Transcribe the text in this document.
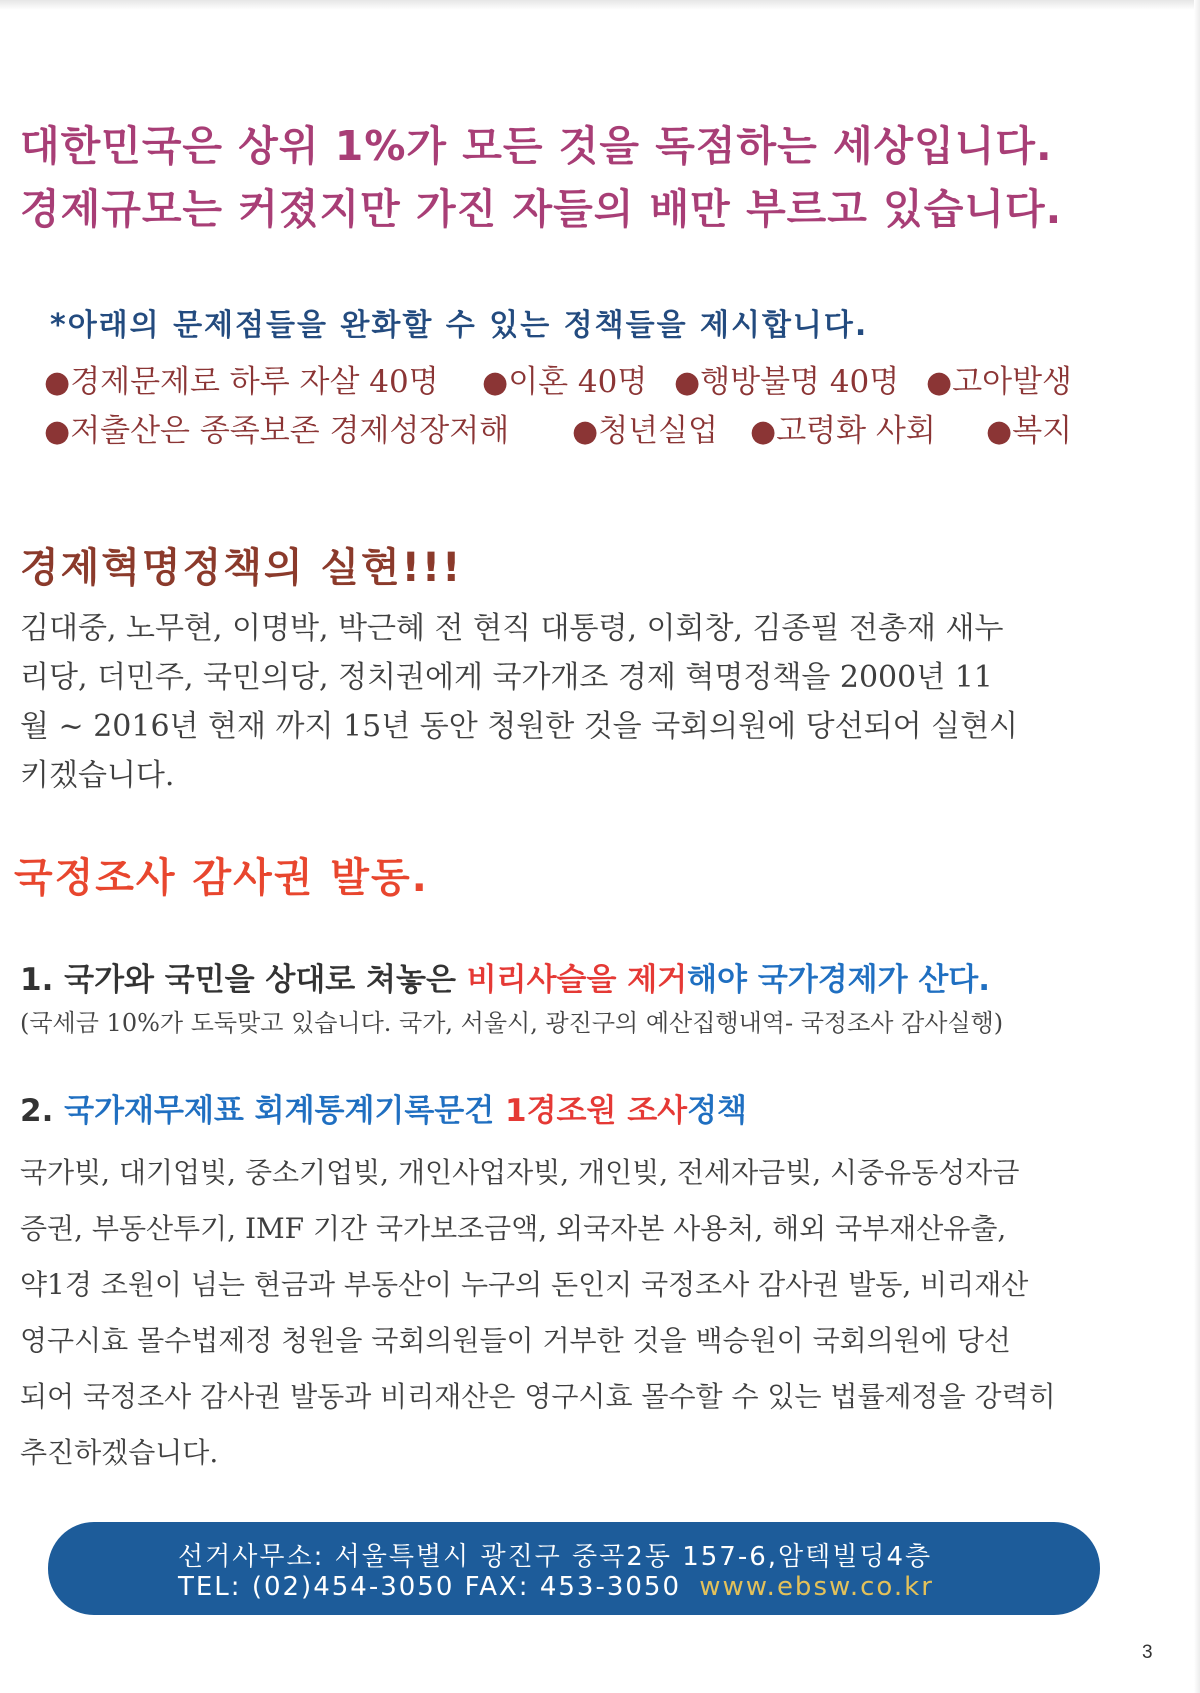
대한민국은 상위 1%가 모든 것을 독점하는 세상입니다.
경제규모는 커졌지만 가진 자들의 배만 부르고 있습니다.
*아래의 문제점들을 완화할 수 있는 정책들을 제시합니다.
●경제문제로 하루 자살 40명 ●이혼 40명 ●행방불명 40명 ●고아발생
●저출산은 종족보존 경제성장저해 ●청년실업 ●고령화 사회 ●복지
경제혁명정책의 실현!!!
김대중, 노무현, 이명박, 박근혜 전 현직 대통령, 이회창, 김종필 전총재 새누
리당, 더민주, 국민의당, 정치권에게 국가개조 경제 혁명정책을 2000년 11
월 ~ 2016년 현재 까지 15년 동안 청원한 것을 국회의원에 당선되어 실현시
키겠습니다.
국정조사 감사권 발동.
1. 국가와 국민을 상대로 쳐놓은 비리사슬을 제거해야 국가경제가 산다.
(국세금 10%가 도둑맞고 있습니다. 국가, 서울시, 광진구의 예산집행내역- 국정조사 감사실행)
2. 국가재무제표 회계통계기록문건 1경조원 조사정책
국가빚, 대기업빚, 중소기업빚, 개인사업자빚, 개인빚, 전세자금빚, 시중유동성자금
증권, 부동산투기, IMF 기간 국가보조금액, 외국자본 사용처, 해외 국부재산유출,
약1경 조원이 넘는 현금과 부동산이 누구의 돈인지 국정조사 감사권 발동, 비리재산
영구시효 몰수법제정 청원을 국회의원들이 거부한 것을 백승원이 국회의원에 당선
되어 국정조사 감사권 발동과 비리재산은 영구시효 몰수할 수 있는 법률제정을 강력히
추진하겠습니다.
선거사무소: 서울특별시 광진구 중곡2동 157-6,암텍빌딩4층
TEL: (02)454-3050 FAX: 453-3050 www.ebsw.co.kr
3
